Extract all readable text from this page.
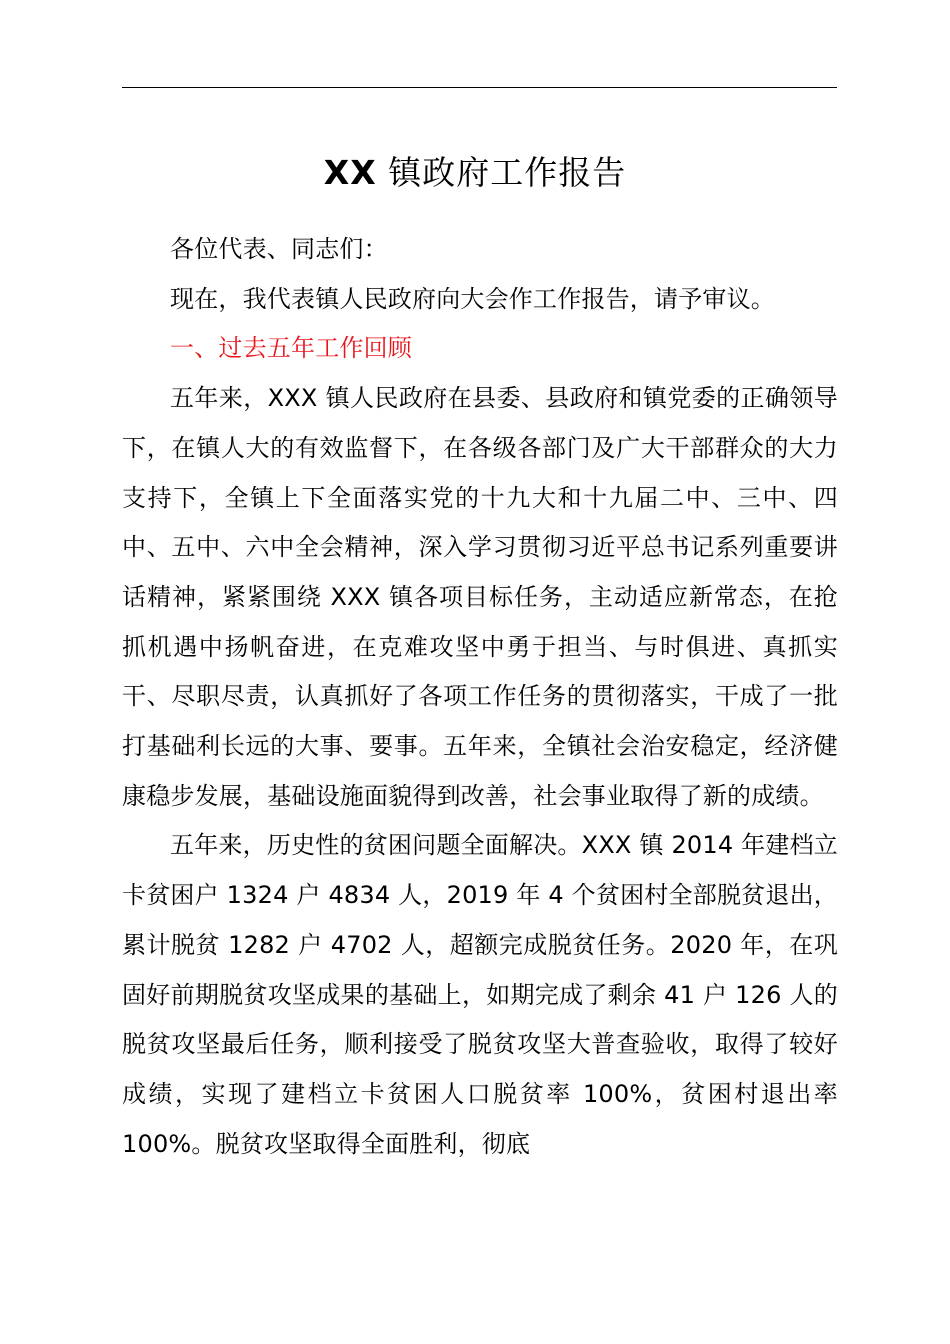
XX 镇政府工作报告

各位代表、同志们：

现在，我代表镇人民政府向大会作工作报告，请予审议。

一、过去五年工作回顾

五年来，XXX 镇人民政府在县委、县政府和镇党委的正确领导下，在镇人大的有效监督下，在各级各部门及广大干部群众的大力支持下，全镇上下全面落实党的十九大和十九届二中、三中、四中、五中、六中全会精神，深入学习贯彻习近平总书记系列重要讲话精神，紧紧围绕 XXX 镇各项目标任务，主动适应新常态，在抢抓机遇中扬帆奋进，在克难攻坚中勇于担当、与时俱进、真抓实干、尽职尽责，认真抓好了各项工作任务的贯彻落实，干成了一批打基础利长远的大事、要事。五年来，全镇社会治安稳定，经济健康稳步发展，基础设施面貌得到改善，社会事业取得了新的成绩。

五年来，历史性的贫困问题全面解决。XXX 镇 2014 年建档立卡贫困户 1324 户 4834 人，2019 年 4 个贫困村全部脱贫退出，累计脱贫 1282 户 4702 人，超额完成脱贫任务。2020 年，在巩固好前期脱贫攻坚成果的基础上，如期完成了剩余 41 户 126 人的脱贫攻坚最后任务，顺利接受了脱贫攻坚大普查验收，取得了较好成绩，实现了建档立卡贫困人口脱贫率 100%，贫困村退出率 100%。脱贫攻坚取得全面胜利，彻底
